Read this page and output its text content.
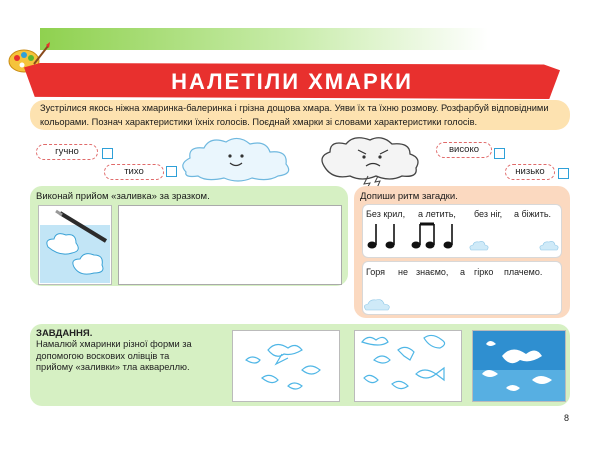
НАЛЕТІЛИ ХМАРКИ
Зустрілися якось ніжна хмаринка-балеринка і грізна дощова хмара. Уяви їх та їхню розмову. Розфарбуй відповідними кольорами. Познач характеристики їхніх голосів. Поєднай хмарки зі словами характеристики голосів.
гучно
тихо
високо
низько
Виконай прийом «заливка» за зразком.	Допиши ритм загадки.
Без крил, а летить, без ніг, а біжить.
Горя не знаємо, а гірко плачемо.
ЗАВДАННЯ.
Намалюй хмаринки різної форми за допомогою воскових олівців та прийому «заливки» тла аквареллю.
8
